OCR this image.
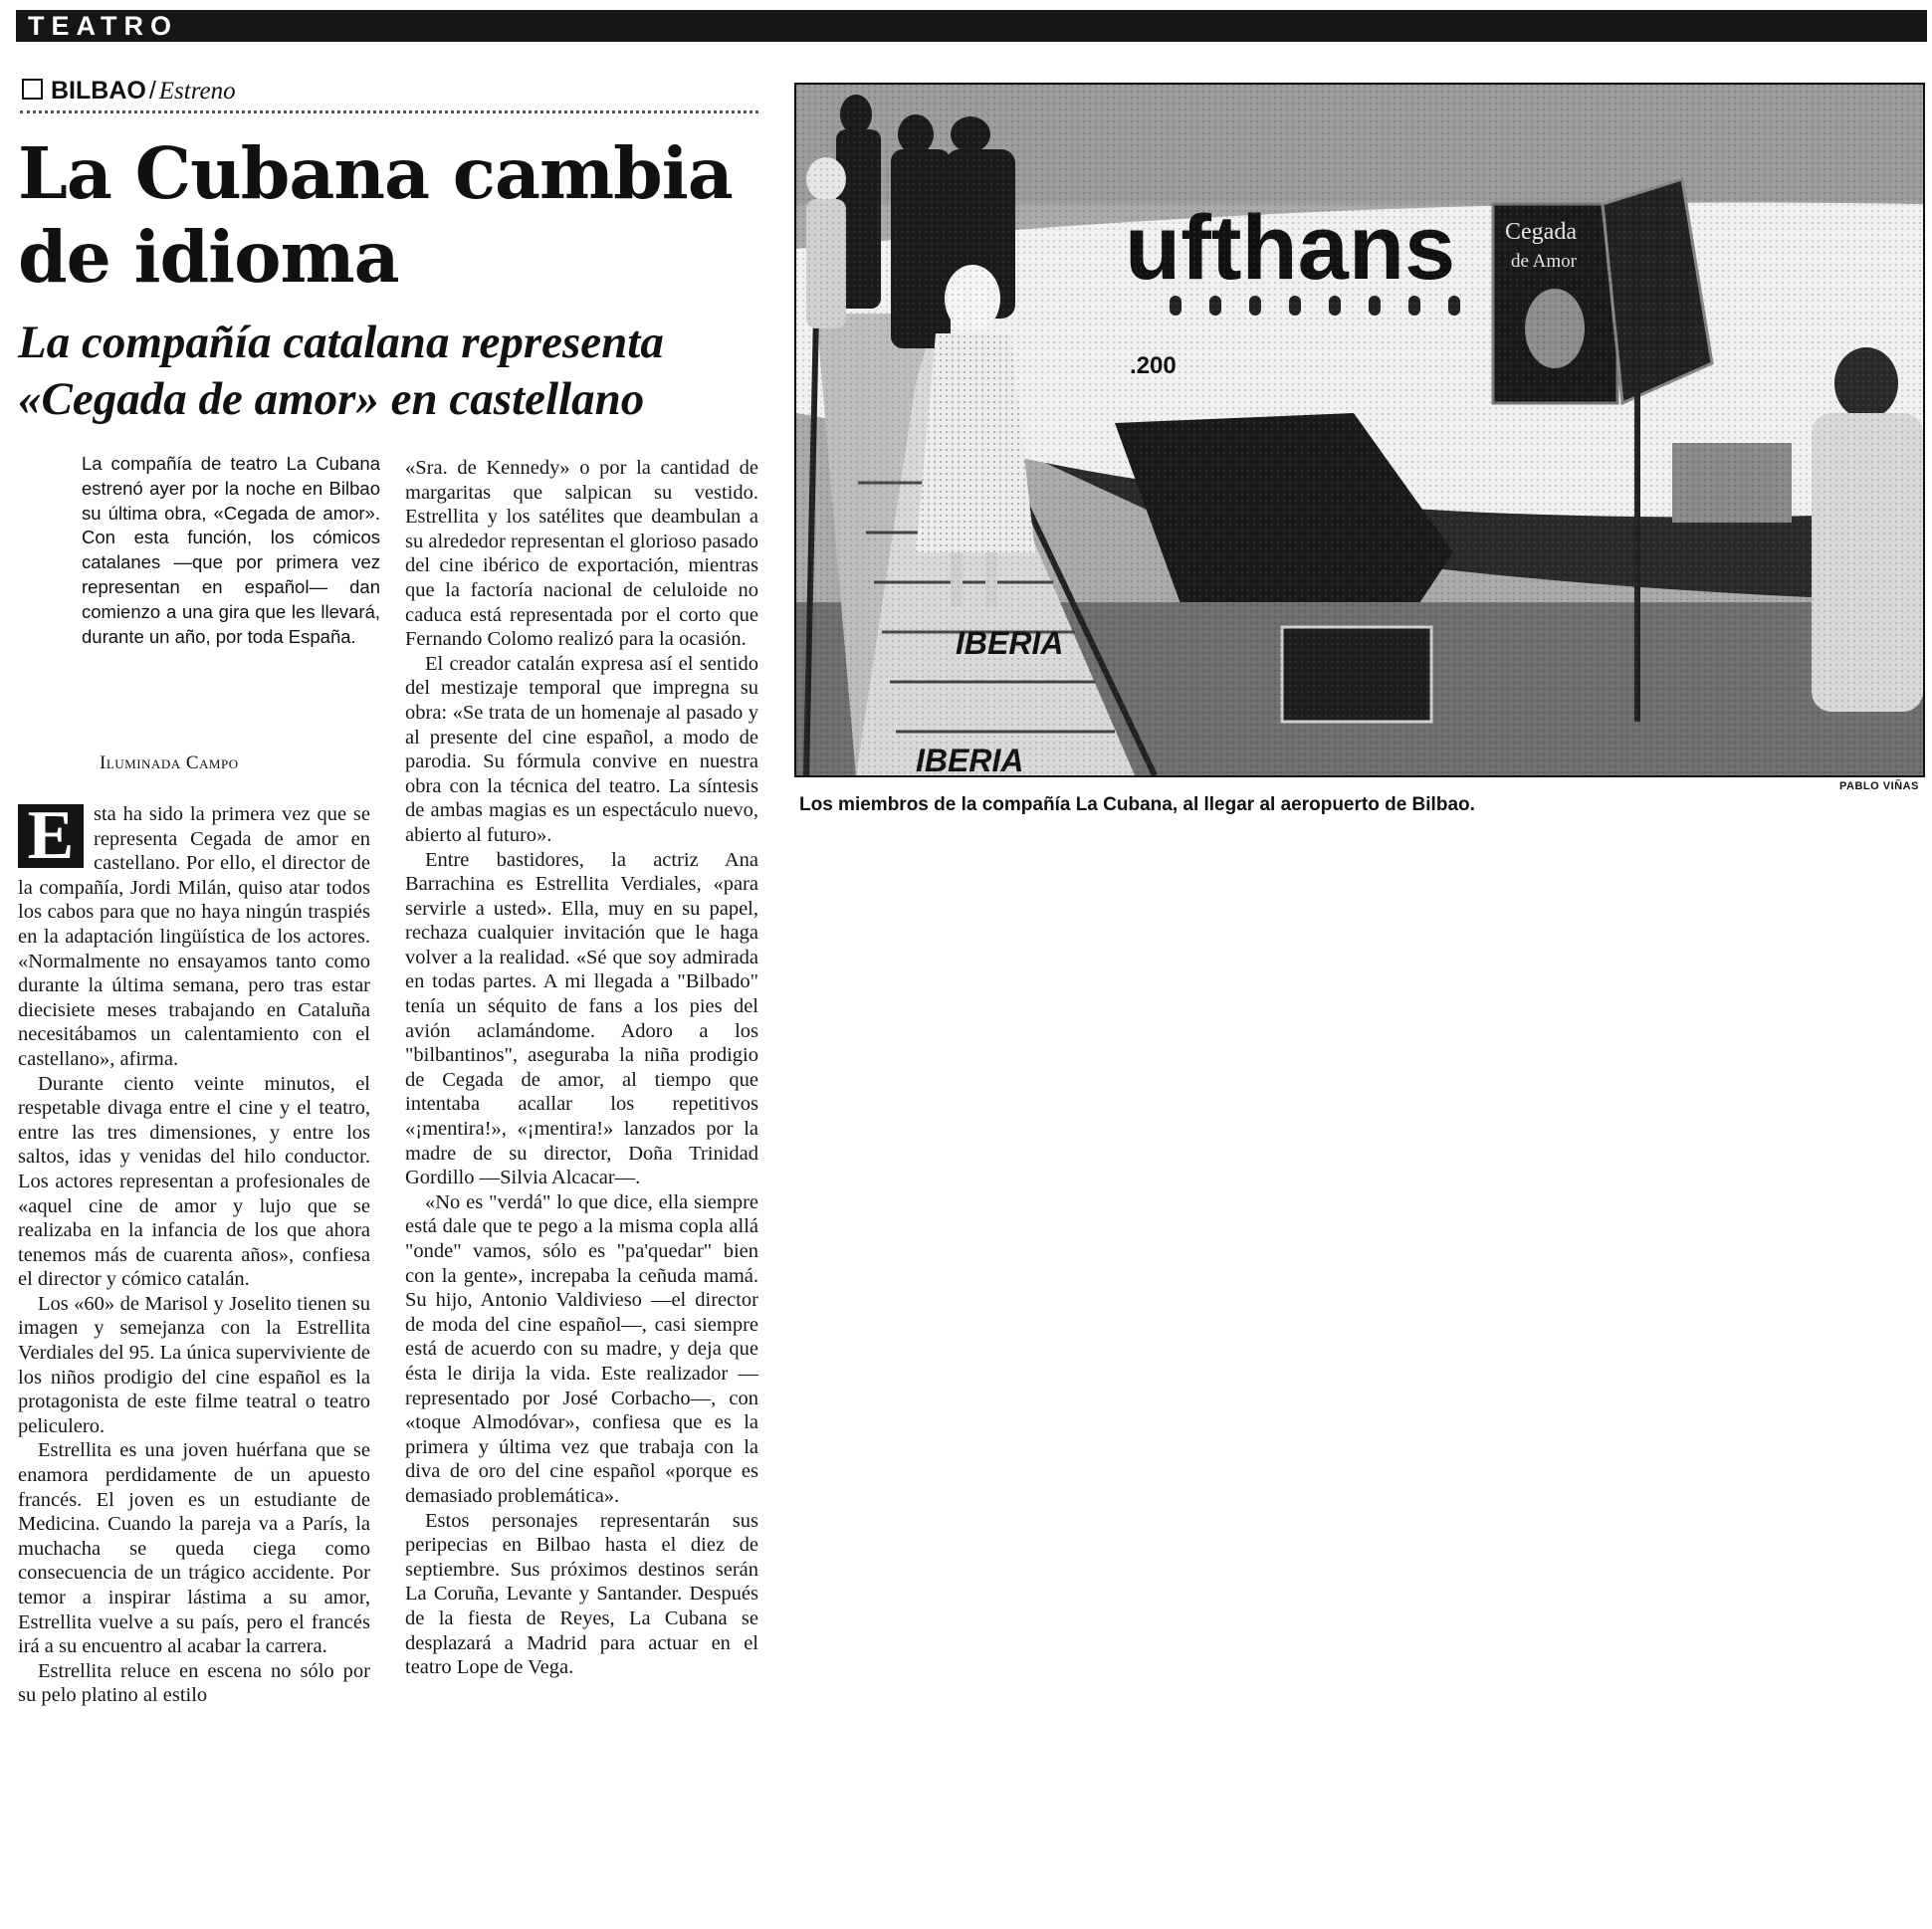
TEATRO
BILBAO / Estreno
La Cubana cambia de idioma
La compañía catalana representa «Cegada de amor» en castellano

La compañía de teatro La Cubana estrenó ayer por la noche en Bilbao su última obra, «Cegada de amor». Con esta función, los cómicos catalanes —que por primera vez representan en español— dan comienzo a una gira que les llevará, durante un año, por toda España.

Iluminada Campo

E sta ha sido la primera vez que se representa Cegada de amor en castellano. Por ello, el director de la compañía, Jordi Milán, quiso atar todos los cabos para que no haya ningún traspiés en la adaptación lingüística de los actores. «Normalmente no ensayamos tanto como durante la última semana, pero tras estar diecisiete meses trabajando en Cataluña necesitábamos un calentamiento con el castellano», afirma.

Durante ciento veinte minutos, el respetable divaga entre el cine y el teatro, entre las tres dimensiones, y entre los saltos, idas y venidas del hilo conductor. Los actores representan a profesionales de «aquel cine de amor y lujo que se realizaba en la infancia de los que ahora tenemos más de cuarenta años», confiesa el director y cómico catalán.

Los «60» de Marisol y Joselito tienen su imagen y semejanza con la Estrellita Verdiales del 95. La única superviviente de los niños prodigio del cine español es la protagonista de este filme teatral o teatro peliculero.

Estrellita es una joven huérfana que se enamora perdidamente de un apuesto francés. El joven es un estudiante de Medicina. Cuando la pareja va a París, la muchacha se queda ciega como consecuencia de un trágico accidente. Por temor a inspirar lástima a su amor, Estrellita vuelve a su país, pero el francés irá a su encuentro al acabar la carrera.

Estrellita reluce en escena no sólo por su pelo platino al estilo

«Sra. de Kennedy» o por la cantidad de margaritas que salpican su vestido. Estrellita y los satélites que deambulan a su alrededor representan el glorioso pasado del cine ibérico de exportación, mientras que la factoría nacional de celuloide no caduca está representada por el corto que Fernando Colomo realizó para la ocasión.

El creador catalán expresa así el sentido del mestizaje temporal que impregna su obra: «Se trata de un homenaje al pasado y al presente del cine español, a modo de parodia. Su fórmula convive en nuestra obra con la técnica del teatro. La síntesis de ambas magias es un espectáculo nuevo, abierto al futuro».

Entre bastidores, la actriz Ana Barrachina es Estrellita Verdiales, «para servirle a usted». Ella, muy en su papel, rechaza cualquier invitación que le haga volver a la realidad. «Sé que soy admirada en todas partes. A mi llegada a "Bilbado" tenía un séquito de fans a los pies del avión aclamándome. Adoro a los "bilbantinos", aseguraba la niña prodigio de Cegada de amor, al tiempo que intentaba acallar los repetitivos «¡mentira!», «¡mentira!» lanzados por la madre de su director, Doña Trinidad Gordillo —Silvia Alcacar—.

«No es "verdá" lo que dice, ella siempre está dale que te pego a la misma copla allá "onde" vamos, sólo es "pa'quedar" bien con la gente», increpaba la ceñuda mamá. Su hijo, Antonio Valdivieso —el director de moda del cine español—, casi siempre está de acuerdo con su madre, y deja que ésta le dirija la vida. Este realizador —representado por José Corbacho—, con «toque Almodóvar», confiesa que es la primera y última vez que trabaja con la diva de oro del cine español «porque es demasiado problemática».

Estos personajes representarán sus peripecias en Bilbao hasta el diez de septiembre. Sus próximos destinos serán La Coruña, Levante y Santander. Después de la fiesta de Reyes, La Cubana se desplazará a Madrid para actuar en el teatro Lope de Vega.

PABLO VIÑAS
Los miembros de la compañía La Cubana, al llegar al aeropuerto de Bilbao.
